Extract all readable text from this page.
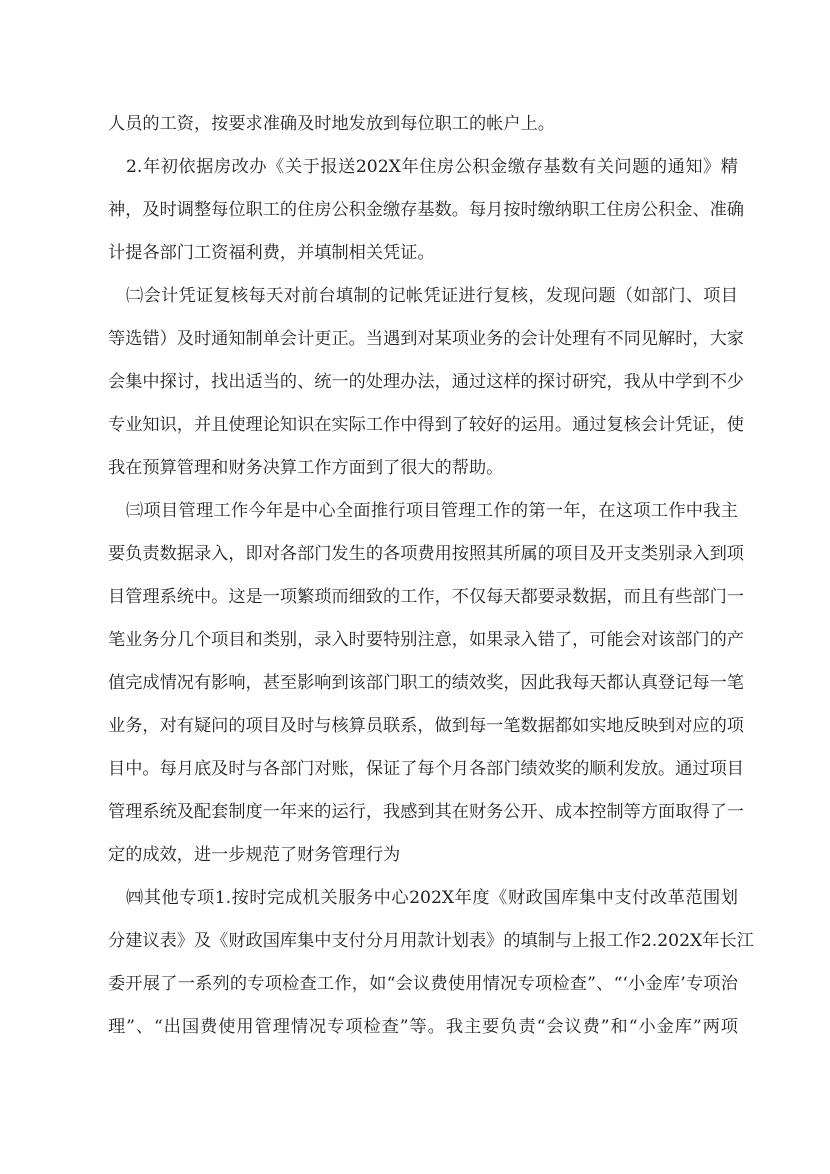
人员的工资，按要求准确及时地发放到每位职工的帐户上。
2.年初依据房改办《关于报送202X年住房公积金缴存基数有关问题的通知》精
神，及时调整每位职工的住房公积金缴存基数。每月按时缴纳职工住房公积金、准确
计提各部门工资福利费，并填制相关凭证。
㈡会计凭证复核每天对前台填制的记帐凭证进行复核，发现问题（如部门、项目
等选错）及时通知制单会计更正。当遇到对某项业务的会计处理有不同见解时，大家
会集中探讨，找出适当的、统一的处理办法，通过这样的探讨研究，我从中学到不少
专业知识，并且使理论知识在实际工作中得到了较好的运用。通过复核会计凭证，使
我在预算管理和财务决算工作方面到了很大的帮助。
㈢项目管理工作今年是中心全面推行项目管理工作的第一年，在这项工作中我主
要负责数据录入，即对各部门发生的各项费用按照其所属的项目及开支类别录入到项
目管理系统中。这是一项繁琐而细致的工作，不仅每天都要录数据，而且有些部门一
笔业务分几个项目和类别，录入时要特别注意，如果录入错了，可能会对该部门的产
值完成情况有影响，甚至影响到该部门职工的绩效奖，因此我每天都认真登记每一笔
业务，对有疑问的项目及时与核算员联系，做到每一笔数据都如实地反映到对应的项
目中。每月底及时与各部门对账，保证了每个月各部门绩效奖的顺利发放。通过项目
管理系统及配套制度一年来的运行，我感到其在财务公开、成本控制等方面取得了一
定的成效，进一步规范了财务管理行为
㈣其他专项1.按时完成机关服务中心202X年度《财政国库集中支付改革范围划
分建议表》及《财政国库集中支付分月用款计划表》的填制与上报工作2.202X年长江
委开展了一系列的专项检查工作，如“会议费使用情况专项检查”、“‘小金库’专项治
理”、“出国费使用管理情况专项检查”等。我主要负责“会议费”和“小金库”两项
